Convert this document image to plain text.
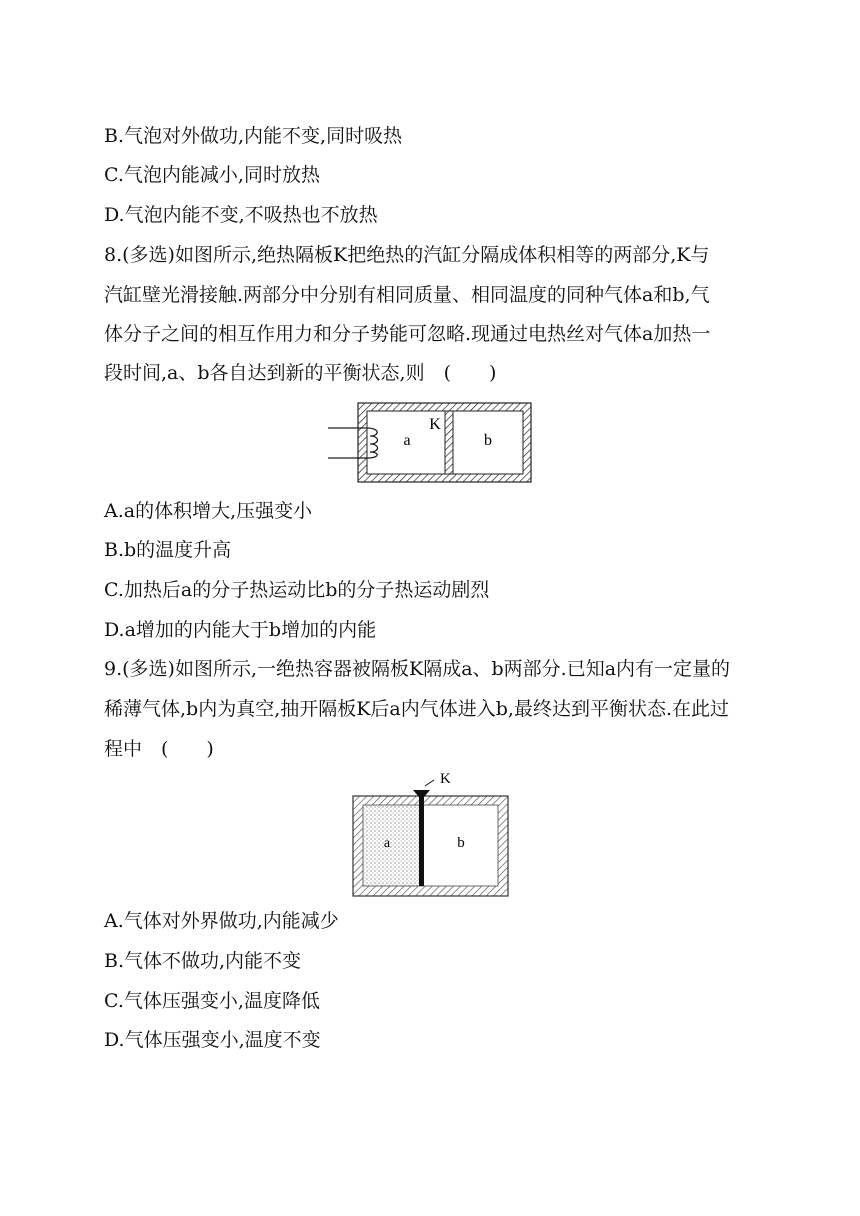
B.气泡对外做功,内能不变,同时吸热
C.气泡内能减小,同时放热
D.气泡内能不变,不吸热也不放热
8.(多选)如图所示,绝热隔板K把绝热的汽缸分隔成体积相等的两部分,K与
汽缸壁光滑接触.两部分中分别有相同质量、相同温度的同种气体a和b,气
体分子之间的相互作用力和分子势能可忽略.现通过电热丝对气体a加热一
段时间,a、b各自达到新的平衡状态,则　(　　)
a	b
K
A.a的体积增大,压强变小
B.b的温度升高
C.加热后a的分子热运动比b的分子热运动剧烈
D.a增加的内能大于b增加的内能
9.(多选)如图所示,一绝热容器被隔板K隔成a、b两部分.已知a内有一定量的
稀薄气体,b内为真空,抽开隔板K后a内气体进入b,最终达到平衡状态.在此过
程中　(　　)
K
a	b
A.气体对外界做功,内能减少
B.气体不做功,内能不变
C.气体压强变小,温度降低
D.气体压强变小,温度不变
